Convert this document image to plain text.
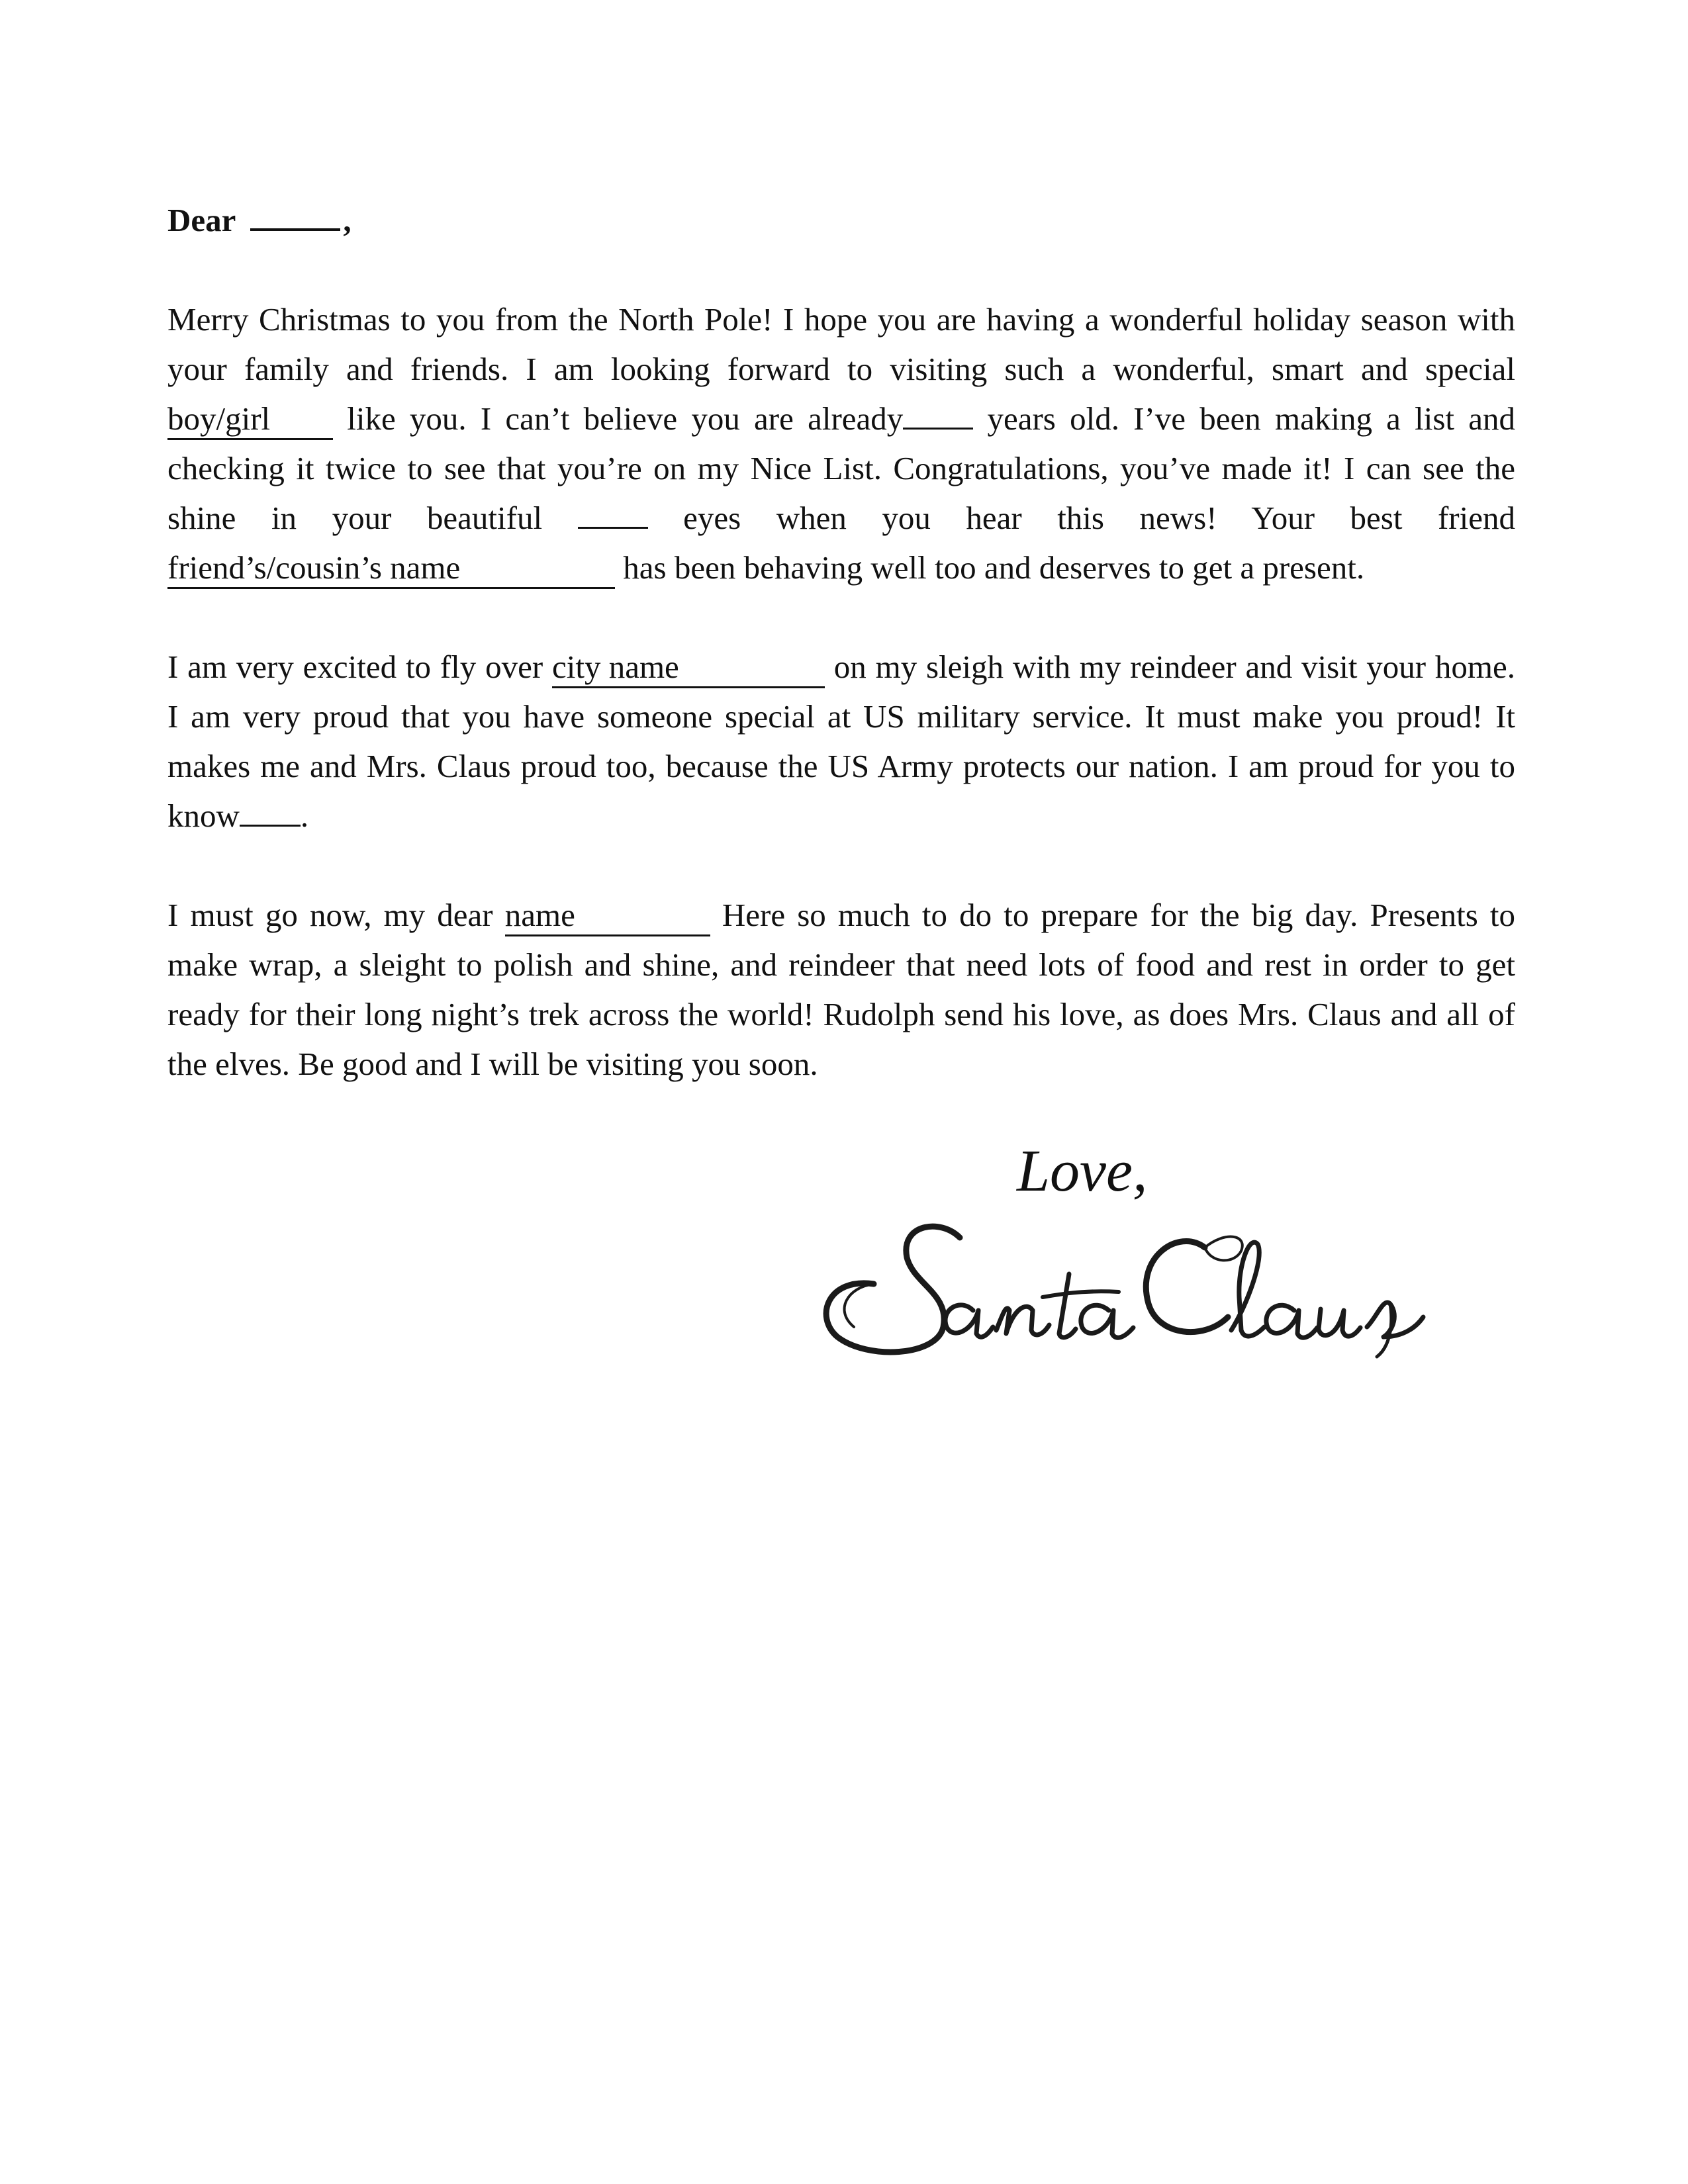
Dear	,

Merry Christmas to you from the North Pole! I hope you are having a wonderful holiday season with your family and friends. I am looking forward to visiting such a wonderful, smart and special boy/girl like you. I can’t believe you are already years old. I’ve been making a list and checking it twice to see that you’re on my Nice List. Congratulations, you’ve made it! I can see the shine in your beautiful  eyes when you hear this news! Your best friend friend’s/cousin’s name	has been behaving well too and deserves to get a present.

I am very excited to fly over city name	on my sleigh with my reindeer and visit your home. I am very proud that you have someone special at US military service. It must make you proud! It makes me and Mrs. Claus proud too, because the US Army protects our nation. I am proud for you to know .

I must go now, my dear name	Here so much to do to prepare for the big day. Presents to make wrap, a sleight to polish and shine, and reindeer that need lots of food and rest in order to get ready for their long night’s trek across the world! Rudolph send his love, as does Mrs. Claus and all of the elves. Be good and I will be visiting you soon.

Love,
